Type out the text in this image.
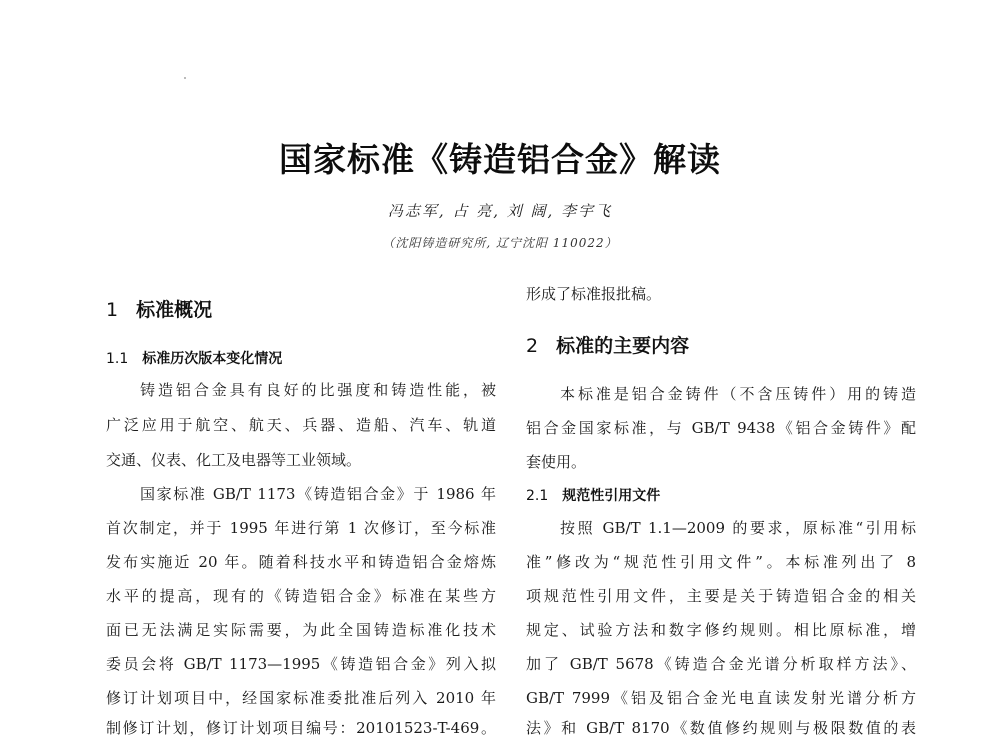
国家标准《铸造铝合金》解读
冯志军, 占 亮, 刘 阔, 李宇飞
（沈阳铸造研究所, 辽宁沈阳 110022）
1 标准概况
1.1 标准历次版本变化情况
铸造铝合金具有良好的比强度和铸造性能，被
广泛应用于航空、航天、兵器、造船、汽车、轨道
交通、仪表、化工及电器等工业领域。
国家标准 GB/T 1173《铸造铝合金》于 1986 年
首次制定，并于 1995 年进行第 1 次修订，至今标准
发布实施近 20 年。随着科技水平和铸造铝合金熔炼
水平的提高，现有的《铸造铝合金》标准在某些方
面已无法满足实际需要，为此全国铸造标准化技术
委员会将 GB/T 1173—1995《铸造铝合金》列入拟
修订计划项目中，经国家标准委批准后列入 2010 年
制修订计划，修订计划项目编号：20101523-T-469。
形成了标准报批稿。
2 标准的主要内容
本标准是铝合金铸件（不含压铸件）用的铸造
铝合金国家标准，与 GB/T 9438《铝合金铸件》配
套使用。
2.1 规范性引用文件
按照 GB/T 1.1—2009 的要求，原标准“引用标
准”修改为“规范性引用文件”。本标准列出了 8
项规范性引用文件，主要是关于铸造铝合金的相关
规定、试验方法和数字修约规则。相比原标准，增
加了 GB/T 5678《铸造合金光谱分析取样方法》、
GB/T 7999《铝及铝合金光电直读发射光谱分析方
法》和 GB/T 8170《数值修约规则与极限数值的表
